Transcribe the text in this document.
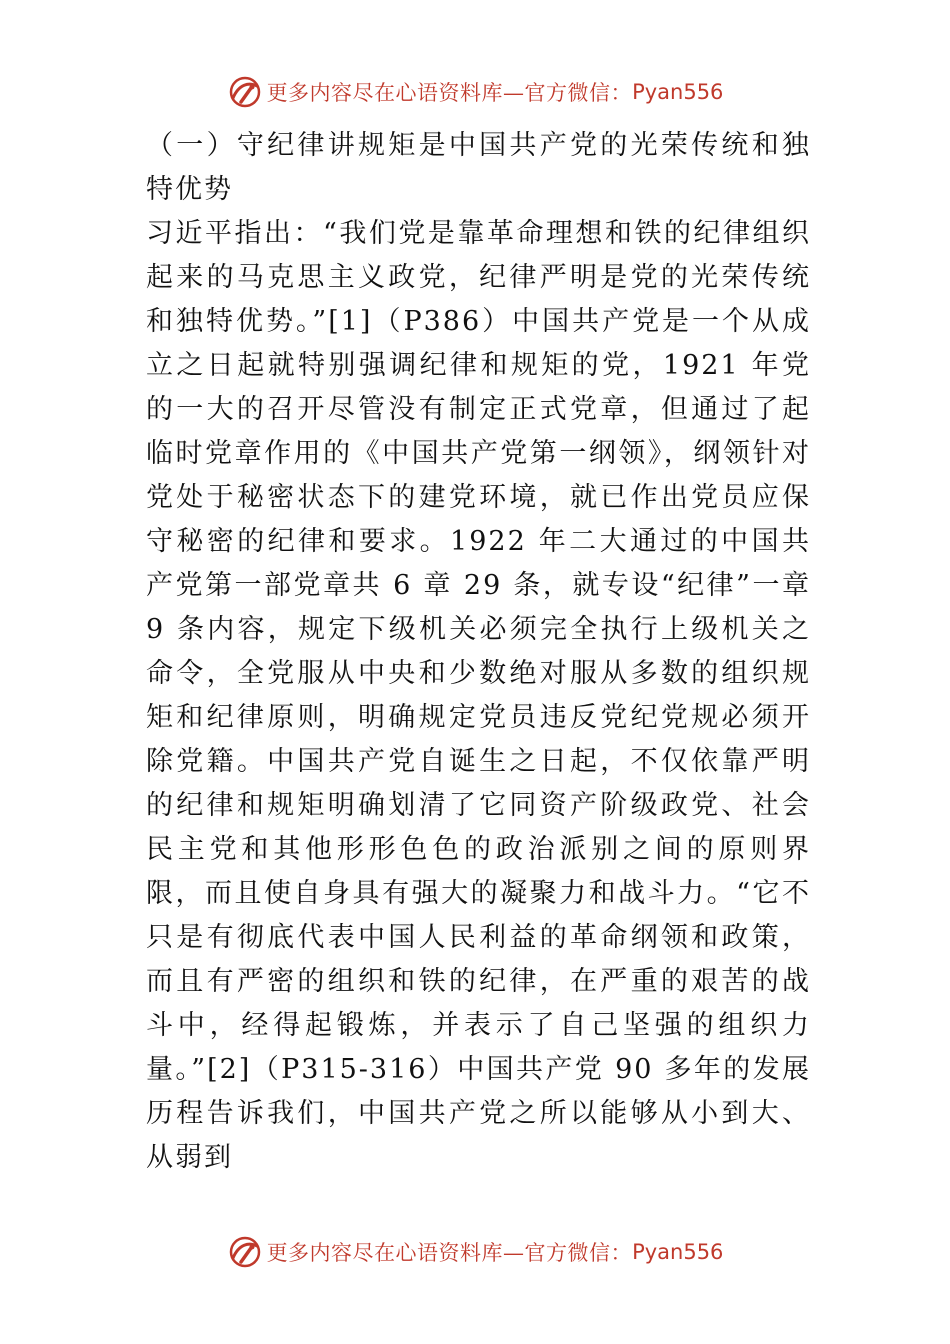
更多内容尽在心语资料库—官方微信： Pyan556

（一）守纪律讲规矩是中国共产党的光荣传统和独特优势

习近平指出：“我们党是靠革命理想和铁的纪律组织起来的马克思主义政党，纪律严明是党的光荣传统和独特优势。”[1]（P386）中国共产党是一个从成立之日起就特别强调纪律和规矩的党，1921 年党的一大的召开尽管没有制定正式党章，但通过了起临时党章作用的《中国共产党第一纲领》，纲领针对党处于秘密状态下的建党环境，就已作出党员应保守秘密的纪律和要求。1922 年二大通过的中国共产党第一部党章共 6 章 29 条，就专设“纪律”一章 9 条内容，规定下级机关必须完全执行上级机关之命令，全党服从中央和少数绝对服从多数的组织规矩和纪律原则，明确规定党员违反党纪党规必须开除党籍。中国共产党自诞生之日起，不仅依靠严明的纪律和规矩明确划清了它同资产阶级政党、社会民主党和其他形形色色的政治派别之间的原则界限，而且使自身具有强大的凝聚力和战斗力。“它不只是有彻底代表中国人民利益的革命纲领和政策，而且有严密的组织和铁的纪律，在严重的艰苦的战斗中，经得起锻炼，并表示了自己坚强的组织力量。”[2]（P315-316）中国共产党 90 多年的发展历程告诉我们，中国共产党之所以能够从小到大、从弱到

更多内容尽在心语资料库—官方微信： Pyan556
